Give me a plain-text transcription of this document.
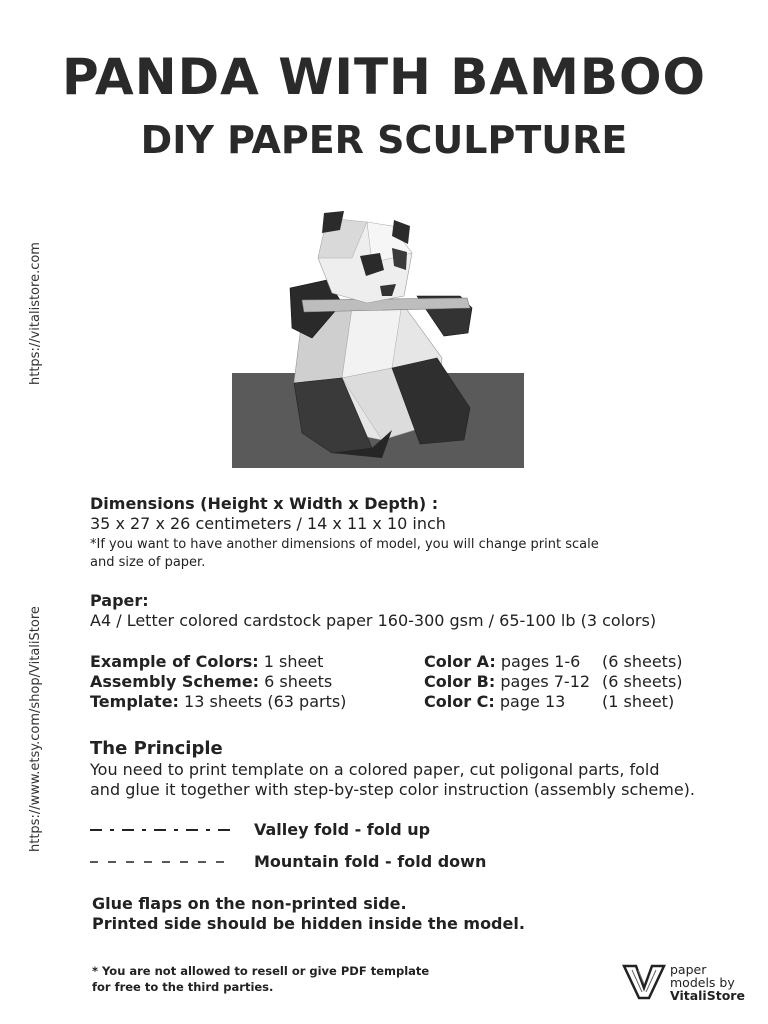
PANDA WITH BAMBOO
DIY PAPER SCULPTURE
https://vitalistore.com
https://www.etsy.com/shop/VitaliStore
Dimensions (Height x Width x Depth) :
35 x 27 x 26 centimeters / 14 x 11 x 10 inch
*If you want to have another dimensions of model, you will change print scale
and size of paper.
Paper:
A4 / Letter colored cardstock paper 160-300 gsm / 65-100 lb (3 colors)
Example of Colors: 1 sheet	Color A: pages 1-6	(6 sheets)
Assembly Scheme: 6 sheets	Color B: pages 7-12 (6 sheets)
Template: 13 sheets (63 parts)	Color C: page 13	(1 sheet)
The Principle
You need to print template on a colored paper, cut poligonal parts, fold
and glue it together with step-by-step color instruction (assembly scheme).
Valley fold - fold up
Mountain fold - fold down
Glue flaps on the non-printed side.
Printed side should be hidden inside the model.
* You are not allowed to resell or give PDF template
for free to the third parties.
paper
models by
VitaliStore
